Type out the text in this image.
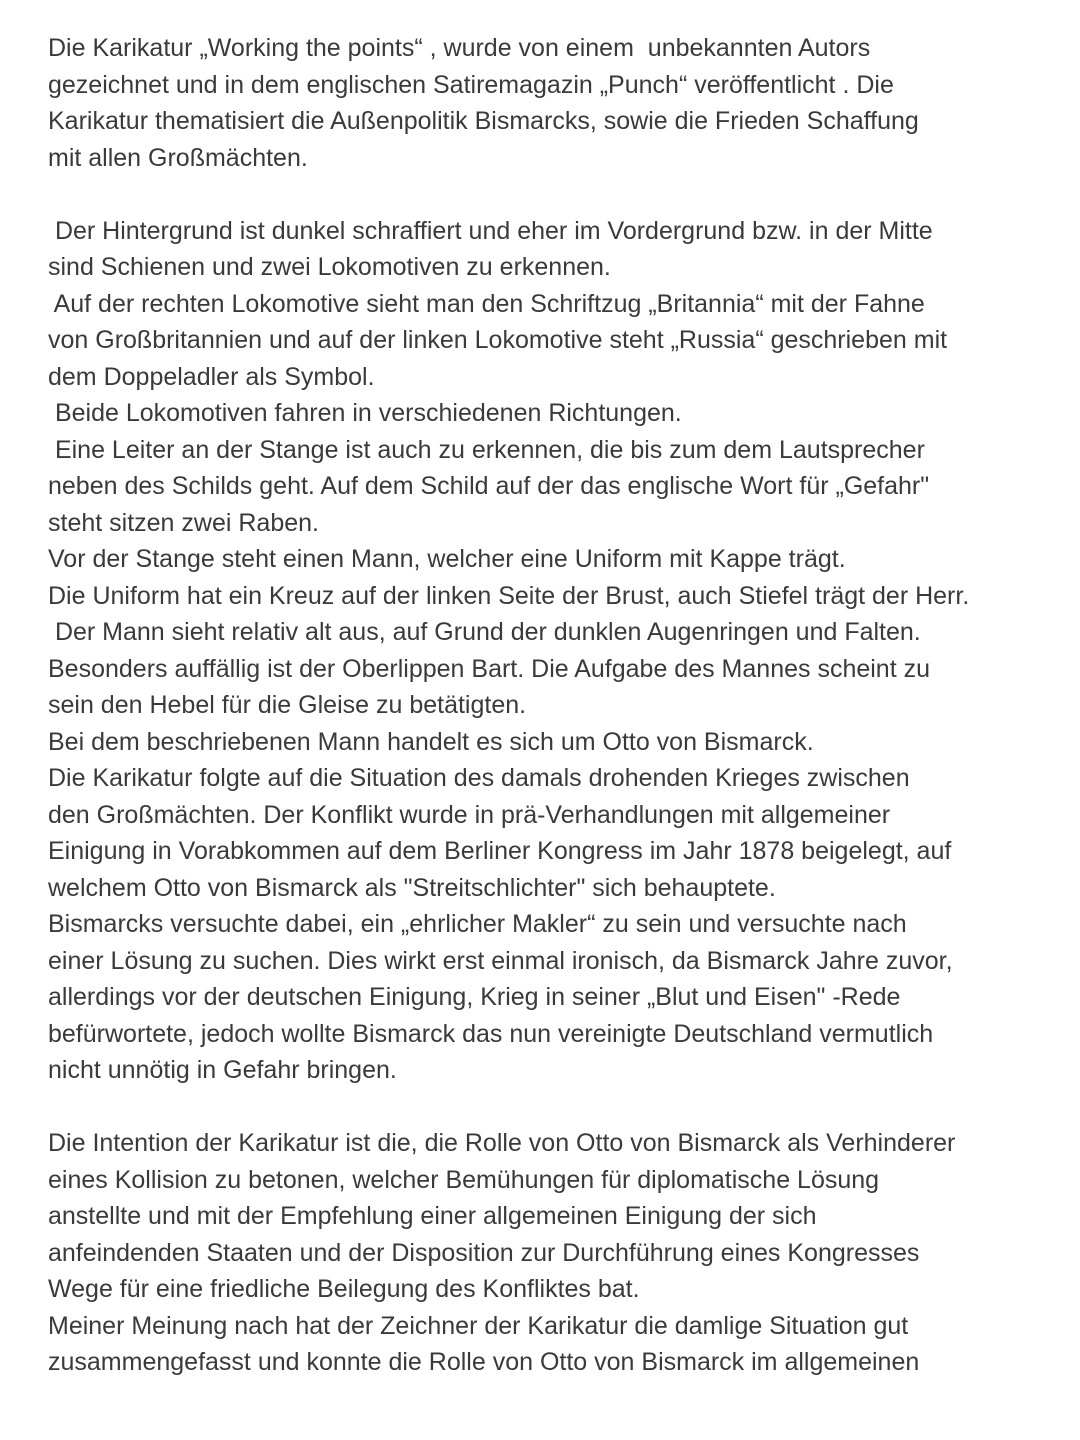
Die Karikatur „Working the points“ , wurde von einem  unbekannten Autors
gezeichnet und in dem englischen Satiremagazin „Punch“ veröffentlicht . Die
Karikatur thematisiert die Außenpolitik Bismarcks, sowie die Frieden Schaffung
mit allen Großmächten.
Der Hintergrund ist dunkel schraffiert und eher im Vordergrund bzw. in der Mitte
sind Schienen und zwei Lokomotiven zu erkennen.
Auf der rechten Lokomotive sieht man den Schriftzug „Britannia“ mit der Fahne
von Großbritannien und auf der linken Lokomotive steht „Russia“ geschrieben mit
dem Doppeladler als Symbol.
Beide Lokomotiven fahren in verschiedenen Richtungen.
Eine Leiter an der Stange ist auch zu erkennen, die bis zum dem Lautsprecher
neben des Schilds geht. Auf dem Schild auf der das englische Wort für „Gefahr"
steht sitzen zwei Raben.
Vor der Stange steht einen Mann, welcher eine Uniform mit Kappe trägt.
Die Uniform hat ein Kreuz auf der linken Seite der Brust, auch Stiefel trägt der Herr.
Der Mann sieht relativ alt aus, auf Grund der dunklen Augenringen und Falten.
Besonders auffällig ist der Oberlippen Bart. Die Aufgabe des Mannes scheint zu
sein den Hebel für die Gleise zu betätigten.
Bei dem beschriebenen Mann handelt es sich um Otto von Bismarck.
Die Karikatur folgte auf die Situation des damals drohenden Krieges zwischen
den Großmächten. Der Konflikt wurde in prä-Verhandlungen mit allgemeiner
Einigung in Vorabkommen auf dem Berliner Kongress im Jahr 1878 beigelegt, auf
welchem Otto von Bismarck als "Streitschlichter" sich behauptete.
Bismarcks versuchte dabei, ein „ehrlicher Makler“ zu sein und versuchte nach
einer Lösung zu suchen. Dies wirkt erst einmal ironisch, da Bismarck Jahre zuvor,
allerdings vor der deutschen Einigung, Krieg in seiner „Blut und Eisen" -Rede
befürwortete, jedoch wollte Bismarck das nun vereinigte Deutschland vermutlich
nicht unnötig in Gefahr bringen.
Die Intention der Karikatur ist die, die Rolle von Otto von Bismarck als Verhinderer
eines Kollision zu betonen, welcher Bemühungen für diplomatische Lösung
anstellte und mit der Empfehlung einer allgemeinen Einigung der sich
anfeindenden Staaten und der Disposition zur Durchführung eines Kongresses
Wege für eine friedliche Beilegung des Konfliktes bat.
Meiner Meinung nach hat der Zeichner der Karikatur die damlige Situation gut
zusammengefasst und konnte die Rolle von Otto von Bismarck im allgemeinen
